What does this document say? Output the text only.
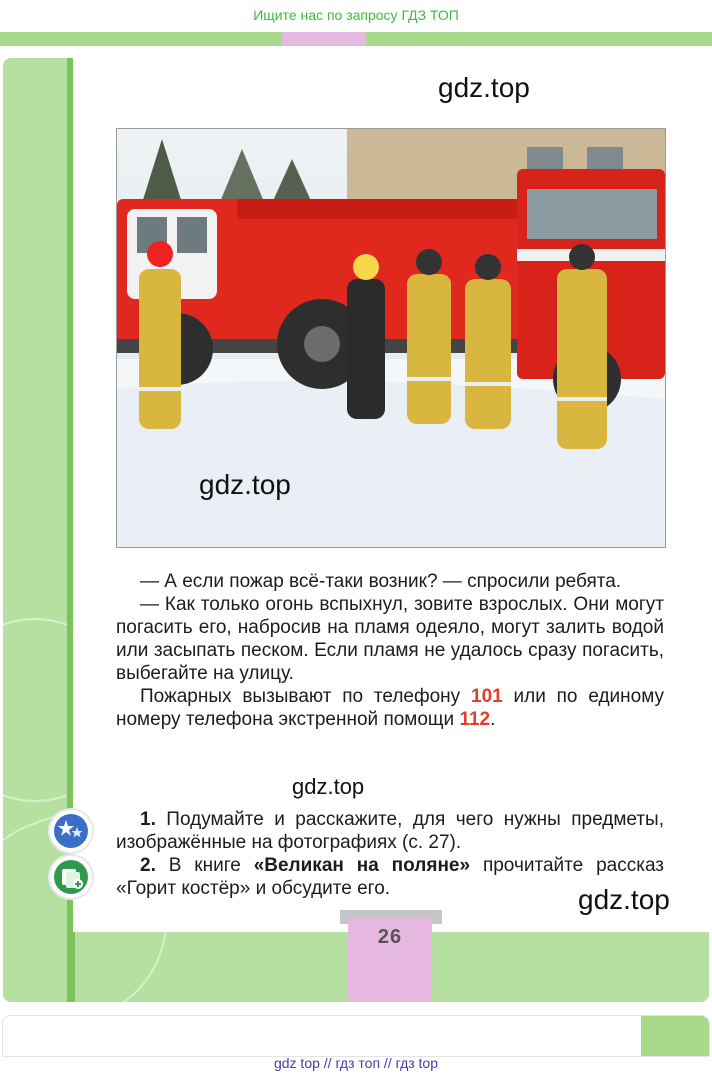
Ищите нас по запросу ГДЗ ТОП
gdz.top
gdz.top

— А если пожар всё-таки возник? — спросили ребята.

— Как только огонь вспыхнул, зовите взрослых. Они могут погасить его, набросив на пламя одеяло, могут залить водой или засыпать песком. Если пламя не удалось сразу погасить, выбегайте на улицу.

Пожарных вызывают по телефону 101 или по единому номеру телефона экстренной помощи 112.

gdz.top

1. Подумайте и расскажите, для чего нужны предметы, изображённые на фотографиях (с. 27).

2. В книге «Великан на поляне» прочитайте рассказ «Горит костёр» и обсудите его.	gdz.top
26
gdz top // гдз топ // гдз top
